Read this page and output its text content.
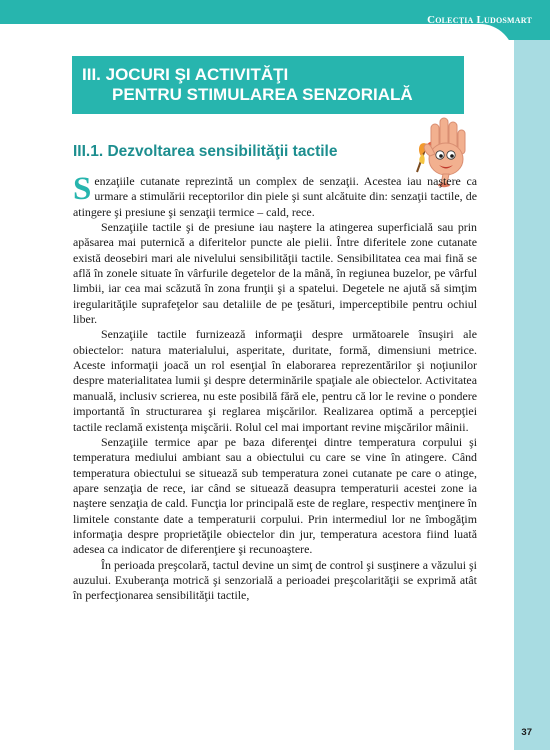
Colecţia Ludosmart
III. JOCURI ŞI ACTIVITĂŢI
PENTRU STIMULAREA SENZORIALĂ
III.1. Dezvoltarea sensibilităţii tactile

Senzaţiile cutanate reprezintă un complex de senzaţii. Acestea iau naştere ca urmare a stimulării receptorilor din piele şi sunt alcătuite din: senzaţii tactile, de atingere şi presiune şi senzaţii termice – cald, rece.

Senzaţiile tactile şi de presiune iau naştere la atingerea superficială sau prin apăsarea mai puternică a diferitelor puncte ale pielii. Între diferitele zone cutanate există deosebiri mari ale nivelului sensibilităţii tactile. Sensibilitatea cea mai fină se află în zonele situate în vârfurile degetelor de la mână, în regiunea buzelor, pe vârful limbii, iar cea mai scăzută în zona frunţii şi a spatelui. Degetele ne ajută să simţim iregularităţile suprafeţelor sau detaliile de pe ţesături, imperceptibile pentru ochiul liber.

Senzaţiile tactile furnizează informaţii despre următoarele însuşiri ale obiectelor: natura materialului, asperitate, duritate, formă, dimensiuni metrice. Aceste informaţii joacă un rol esenţial în elaborarea reprezentărilor şi noţiunilor despre materialitatea lumii şi despre determinările spaţiale ale obiectelor. Activitatea manuală, inclusiv scrierea, nu este posibilă fără ele, pentru că lor le revine o pondere importantă în structurarea şi reglarea mişcărilor. Realizarea optimă a percepţiei tactile reclamă existenţa mişcării. Rolul cel mai important revine mişcărilor mâinii.

Senzaţiile termice apar pe baza diferenţei dintre temperatura corpului şi temperatura mediului ambiant sau a obiectului cu care se vine în atingere. Când temperatura obiectului se situează sub temperatura zonei cutanate pe care o atinge, apare senzaţia de rece, iar când se situează deasupra temperaturii acestei zone ia naştere senzaţia de cald. Funcţia lor principală este de reglare, respectiv menţinere în limitele constante date a temperaturii corpului. Prin intermediul lor ne îmbogăţim informaţia despre proprietăţile obiectelor din jur, temperatura acestora fiind luată adesea ca indicator de diferenţiere şi recunoaştere.

În perioada preşcolară, tactul devine un simţ de control şi susţinere a văzului şi auzului. Exuberanţa motrică şi senzorială a perioadei preşcolarităţii se exprimă atât în perfecţionarea sensibilităţii tactile,

37
